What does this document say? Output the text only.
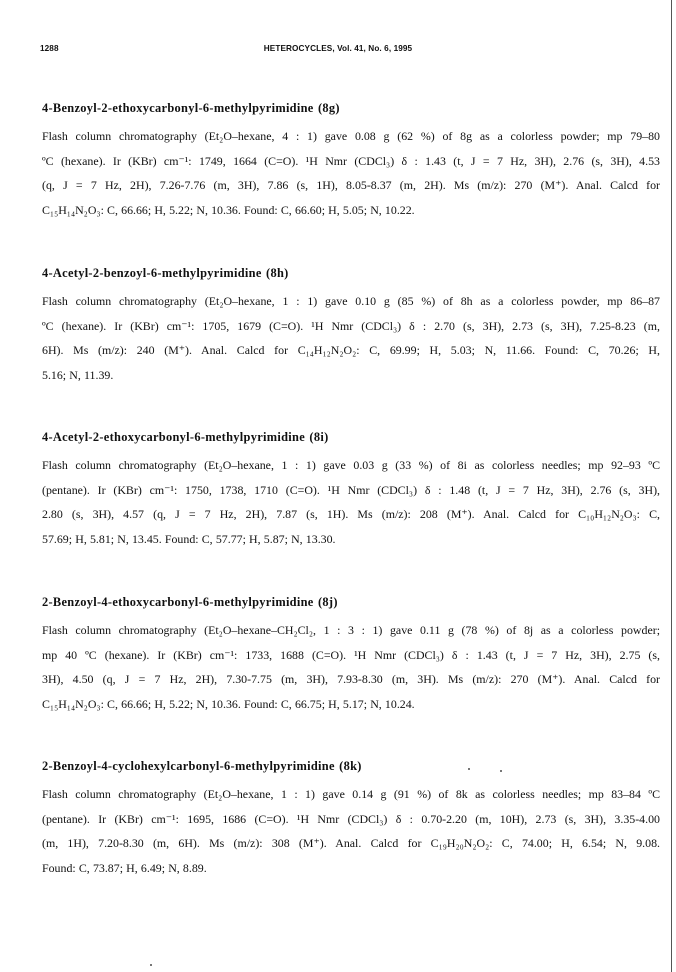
1288	HETEROCYCLES, Vol. 41, No. 6, 1995

4-Benzoyl-2-ethoxycarbonyl-6-methylpyrimidine (8g)

Flash column chromatography (Et₂O–hexane, 4 : 1) gave 0.08 g (62 %) of 8g as a colorless powder; mp 79–80
ºC (hexane). Ir (KBr) cm⁻¹: 1749, 1664 (C=O). ¹H Nmr (CDCl₃) δ : 1.43 (t, J = 7 Hz, 3H), 2.76 (s, 3H), 4.53
(q, J = 7 Hz, 2H), 7.26-7.76 (m, 3H), 7.86 (s, 1H), 8.05-8.37 (m, 2H). Ms (m/z): 270 (M⁺). Anal. Calcd for
C₁₅H₁₄N₂O₃: C, 66.66; H, 5.22; N, 10.36. Found: C, 66.60; H, 5.05; N, 10.22.

4-Acetyl-2-benzoyl-6-methylpyrimidine (8h)

Flash column chromatography (Et₂O–hexane, 1 : 1) gave 0.10 g (85 %) of 8h as a colorless powder, mp 86–87
ºC (hexane). Ir (KBr) cm⁻¹: 1705, 1679 (C=O). ¹H Nmr (CDCl₃) δ : 2.70 (s, 3H), 2.73 (s, 3H), 7.25-8.23 (m,
6H). Ms (m/z): 240 (M⁺). Anal. Calcd for C₁₄H₁₂N₂O₂: C, 69.99; H, 5.03; N, 11.66. Found: C, 70.26; H,
5.16; N, 11.39.

4-Acetyl-2-ethoxycarbonyl-6-methylpyrimidine (8i)

Flash column chromatography (Et₂O–hexane, 1 : 1) gave 0.03 g (33 %) of 8i as colorless needles; mp 92–93 ºC
(pentane). Ir (KBr) cm⁻¹: 1750, 1738, 1710 (C=O). ¹H Nmr (CDCl₃) δ : 1.48 (t, J = 7 Hz, 3H), 2.76 (s, 3H),
2.80 (s, 3H), 4.57 (q, J = 7 Hz, 2H), 7.87 (s, 1H). Ms (m/z): 208 (M⁺). Anal. Calcd for C₁₀H₁₂N₂O₃: C,
57.69; H, 5.81; N, 13.45. Found: C, 57.77; H, 5.87; N, 13.30.

2-Benzoyl-4-ethoxycarbonyl-6-methylpyrimidine (8j)

Flash column chromatography (Et₂O–hexane–CH₂Cl₂, 1 : 3 : 1) gave 0.11 g (78 %) of 8j as a colorless powder;
mp 40 ºC (hexane). Ir (KBr) cm⁻¹: 1733, 1688 (C=O). ¹H Nmr (CDCl₃) δ : 1.43 (t, J = 7 Hz, 3H), 2.75 (s,
3H), 4.50 (q, J = 7 Hz, 2H), 7.30-7.75 (m, 3H), 7.93-8.30 (m, 3H). Ms (m/z): 270 (M⁺). Anal. Calcd for
C₁₅H₁₄N₂O₃: C, 66.66; H, 5.22; N, 10.36. Found: C, 66.75; H, 5.17; N, 10.24.

2-Benzoyl-4-cyclohexylcarbonyl-6-methylpyrimidine (8k)

Flash column chromatography (Et₂O–hexane, 1 : 1) gave 0.14 g (91 %) of 8k as colorless needles; mp 83–84 ºC
(pentane). Ir (KBr) cm⁻¹: 1695, 1686 (C=O). ¹H Nmr (CDCl₃) δ : 0.70-2.20 (m, 10H), 2.73 (s, 3H), 3.35-4.00
(m, 1H), 7.20-8.30 (m, 6H). Ms (m/z): 308 (M⁺). Anal. Calcd for C₁₉H₂₀N₂O₂: C, 74.00; H, 6.54; N, 9.08.
Found: C, 73.87; H, 6.49; N, 8.89.
